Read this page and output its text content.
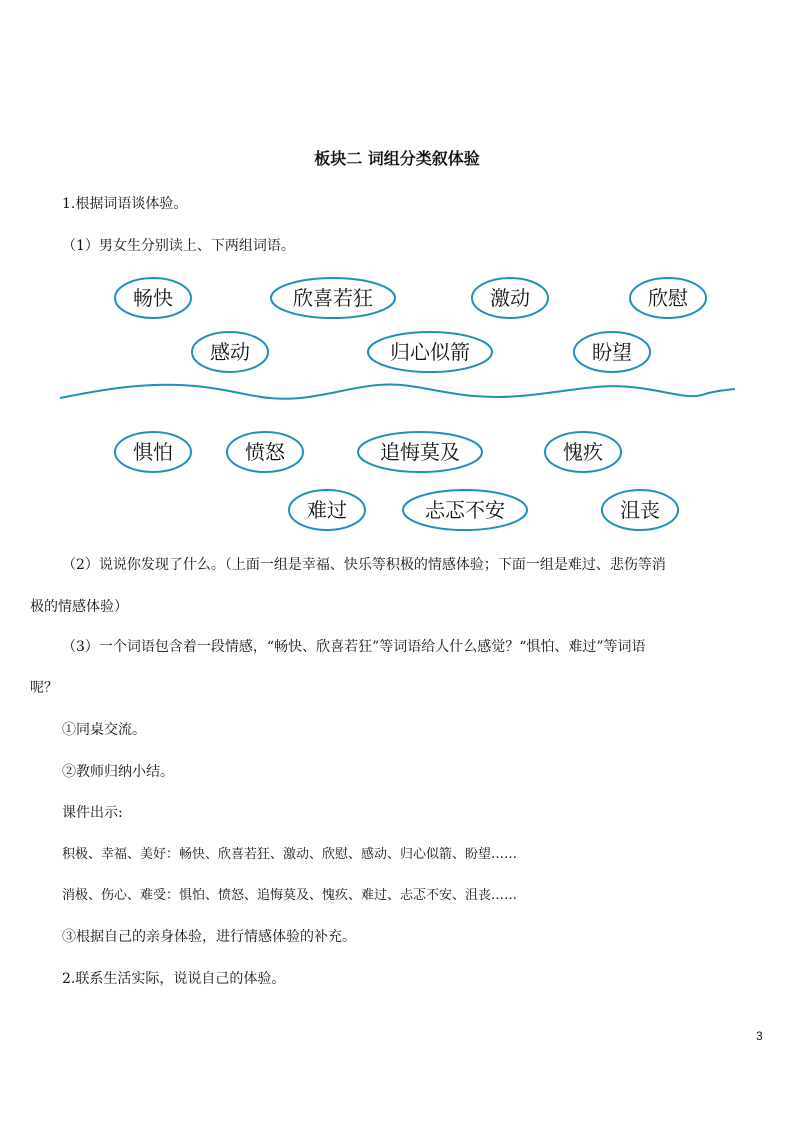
板块二 词组分类叙体验
1.根据词语谈体验。
（1）男女生分别读上、下两组词语。
畅快	欣喜若狂	激动	欣慰
感动	归心似箭	盼望
惧怕	愤怒	追悔莫及	愧疚
难过	忐忑不安	沮丧
（2）说说你发现了什么。（上面一组是幸福、快乐等积极的情感体验；下面一组是难过、悲伤等消
极的情感体验）
（3）一个词语包含着一段情感，“畅快、欣喜若狂”等词语给人什么感觉？“惧怕、难过”等词语
呢？
①同桌交流。
②教师归纳小结。
课件出示:
积极、幸福、美好：畅快、欣喜若狂、激动、欣慰、感动、归心似箭、盼望……
消极、伤心、难受：惧怕、愤怒、追悔莫及、愧疚、难过、忐忑不安、沮丧……
③根据自己的亲身体验，进行情感体验的补充。
2.联系生活实际，说说自己的体验。
3
